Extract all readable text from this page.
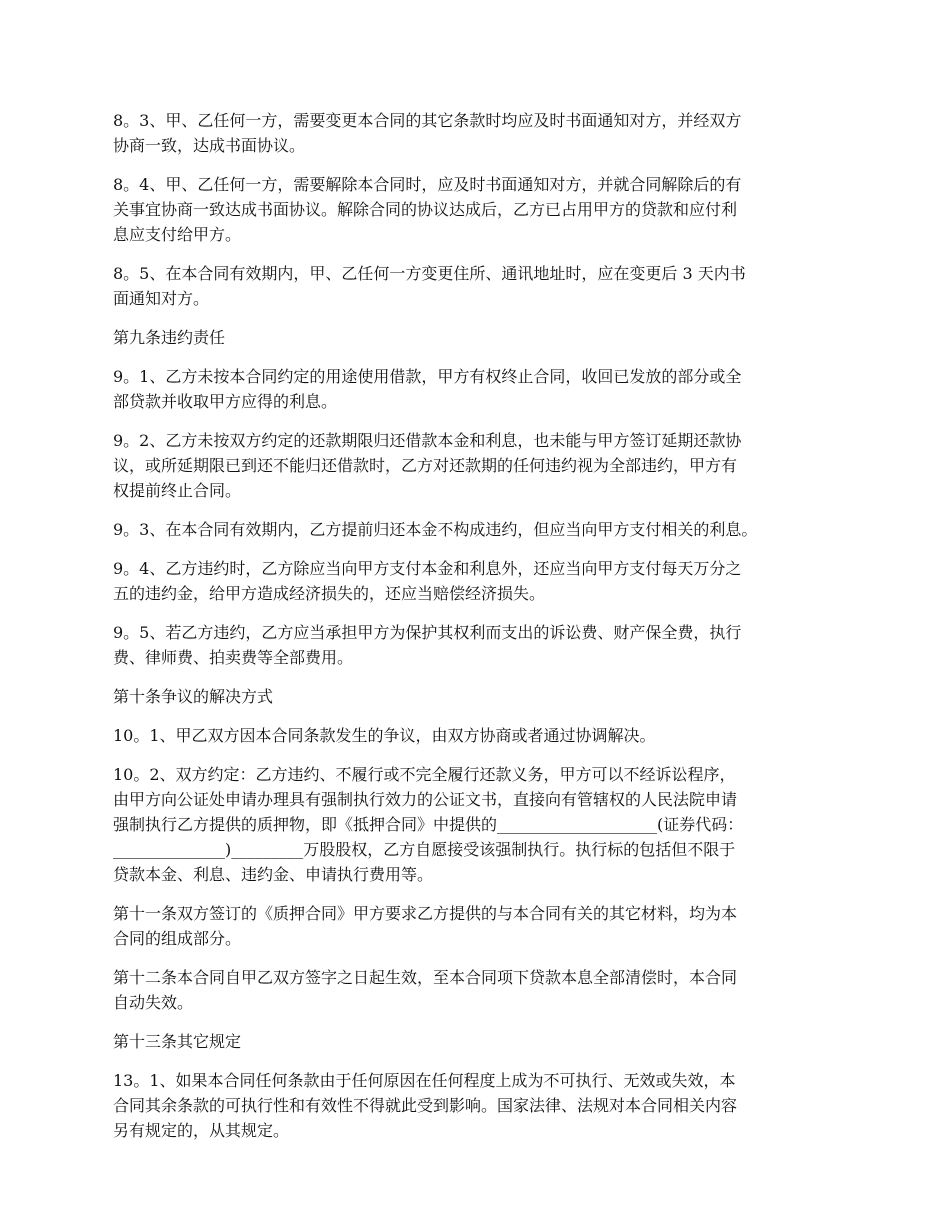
8。3、甲、乙任何一方，需要变更本合同的其它条款时均应及时书面通知对方，并经双方
协商一致，达成书面协议。
8。4、甲、乙任何一方，需要解除本合同时，应及时书面通知对方，并就合同解除后的有
关事宜协商一致达成书面协议。解除合同的协议达成后，乙方已占用甲方的贷款和应付利
息应支付给甲方。
8。5、在本合同有效期内，甲、乙任何一方变更住所、通讯地址时，应在变更后 3 天内书
面通知对方。
第九条违约责任
9。1、乙方未按本合同约定的用途使用借款，甲方有权终止合同，收回已发放的部分或全
部贷款并收取甲方应得的利息。
9。2、乙方未按双方约定的还款期限归还借款本金和利息，也未能与甲方签订延期还款协
议，或所延期限已到还不能归还借款时，乙方对还款期的任何违约视为全部违约，甲方有
权提前终止合同。
9。3、在本合同有效期内，乙方提前归还本金不构成违约，但应当向甲方支付相关的利息。
9。4、乙方违约时，乙方除应当向甲方支付本金和利息外，还应当向甲方支付每天万分之
五的违约金，给甲方造成经济损失的，还应当赔偿经济损失。
9。5、若乙方违约，乙方应当承担甲方为保护其权利而支出的诉讼费、财产保全费，执行
费、律师费、拍卖费等全部费用。
第十条争议的解决方式
10。1、甲乙双方因本合同条款发生的争议，由双方协商或者通过协调解决。
10。2、双方约定：乙方违约、不履行或不完全履行还款义务，甲方可以不经诉讼程序，
由甲方向公证处申请办理具有强制执行效力的公证文书，直接向有管辖权的人民法院申请
强制执行乙方提供的质押物，即《抵押合同》中提供的____________________(证券代码：
______________)_________万股股权，乙方自愿接受该强制执行。执行标的包括但不限于
贷款本金、利息、违约金、申请执行费用等。
第十一条双方签订的《质押合同》甲方要求乙方提供的与本合同有关的其它材料，均为本
合同的组成部分。
第十二条本合同自甲乙双方签字之日起生效，至本合同项下贷款本息全部清偿时，本合同
自动失效。
第十三条其它规定
13。1、如果本合同任何条款由于任何原因在任何程度上成为不可执行、无效或失效，本
合同其余条款的可执行性和有效性不得就此受到影响。国家法律、法规对本合同相关内容
另有规定的，从其规定。
